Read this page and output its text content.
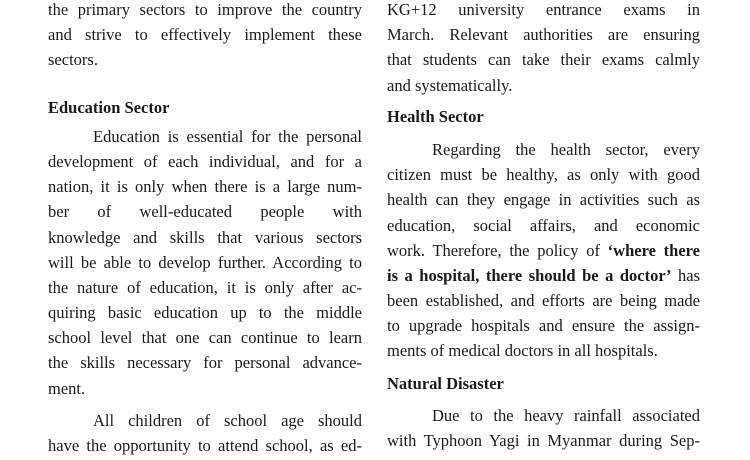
the primary sectors to improve the country
and strive to effectively implement these
sectors.
Education Sector
Education is essential for the personal
development of each individual, and for a
nation, it is only when there is a large num-
ber of well-educated people with
knowledge and skills that various sectors
will be able to develop further. According to
the nature of education, it is only after ac-
quiring basic education up to the middle
school level that one can continue to learn
the skills necessary for personal advance-
ment.
All children of school age should
have the opportunity to attend school, as ed-
KG+12 university entrance exams in
March. Relevant authorities are ensuring
that students can take their exams calmly
and systematically.
Health Sector
Regarding the health sector, every
citizen must be healthy, as only with good
health can they engage in activities such as
education, social affairs, and economic
work. Therefore, the policy of ‘where there
is a hospital, there should be a doctor’ has
been established, and efforts are being made
to upgrade hospitals and ensure the assign-
ments of medical doctors in all hospitals.
Natural Disaster
Due to the heavy rainfall associated
with Typhoon Yagi in Myanmar during Sep-
